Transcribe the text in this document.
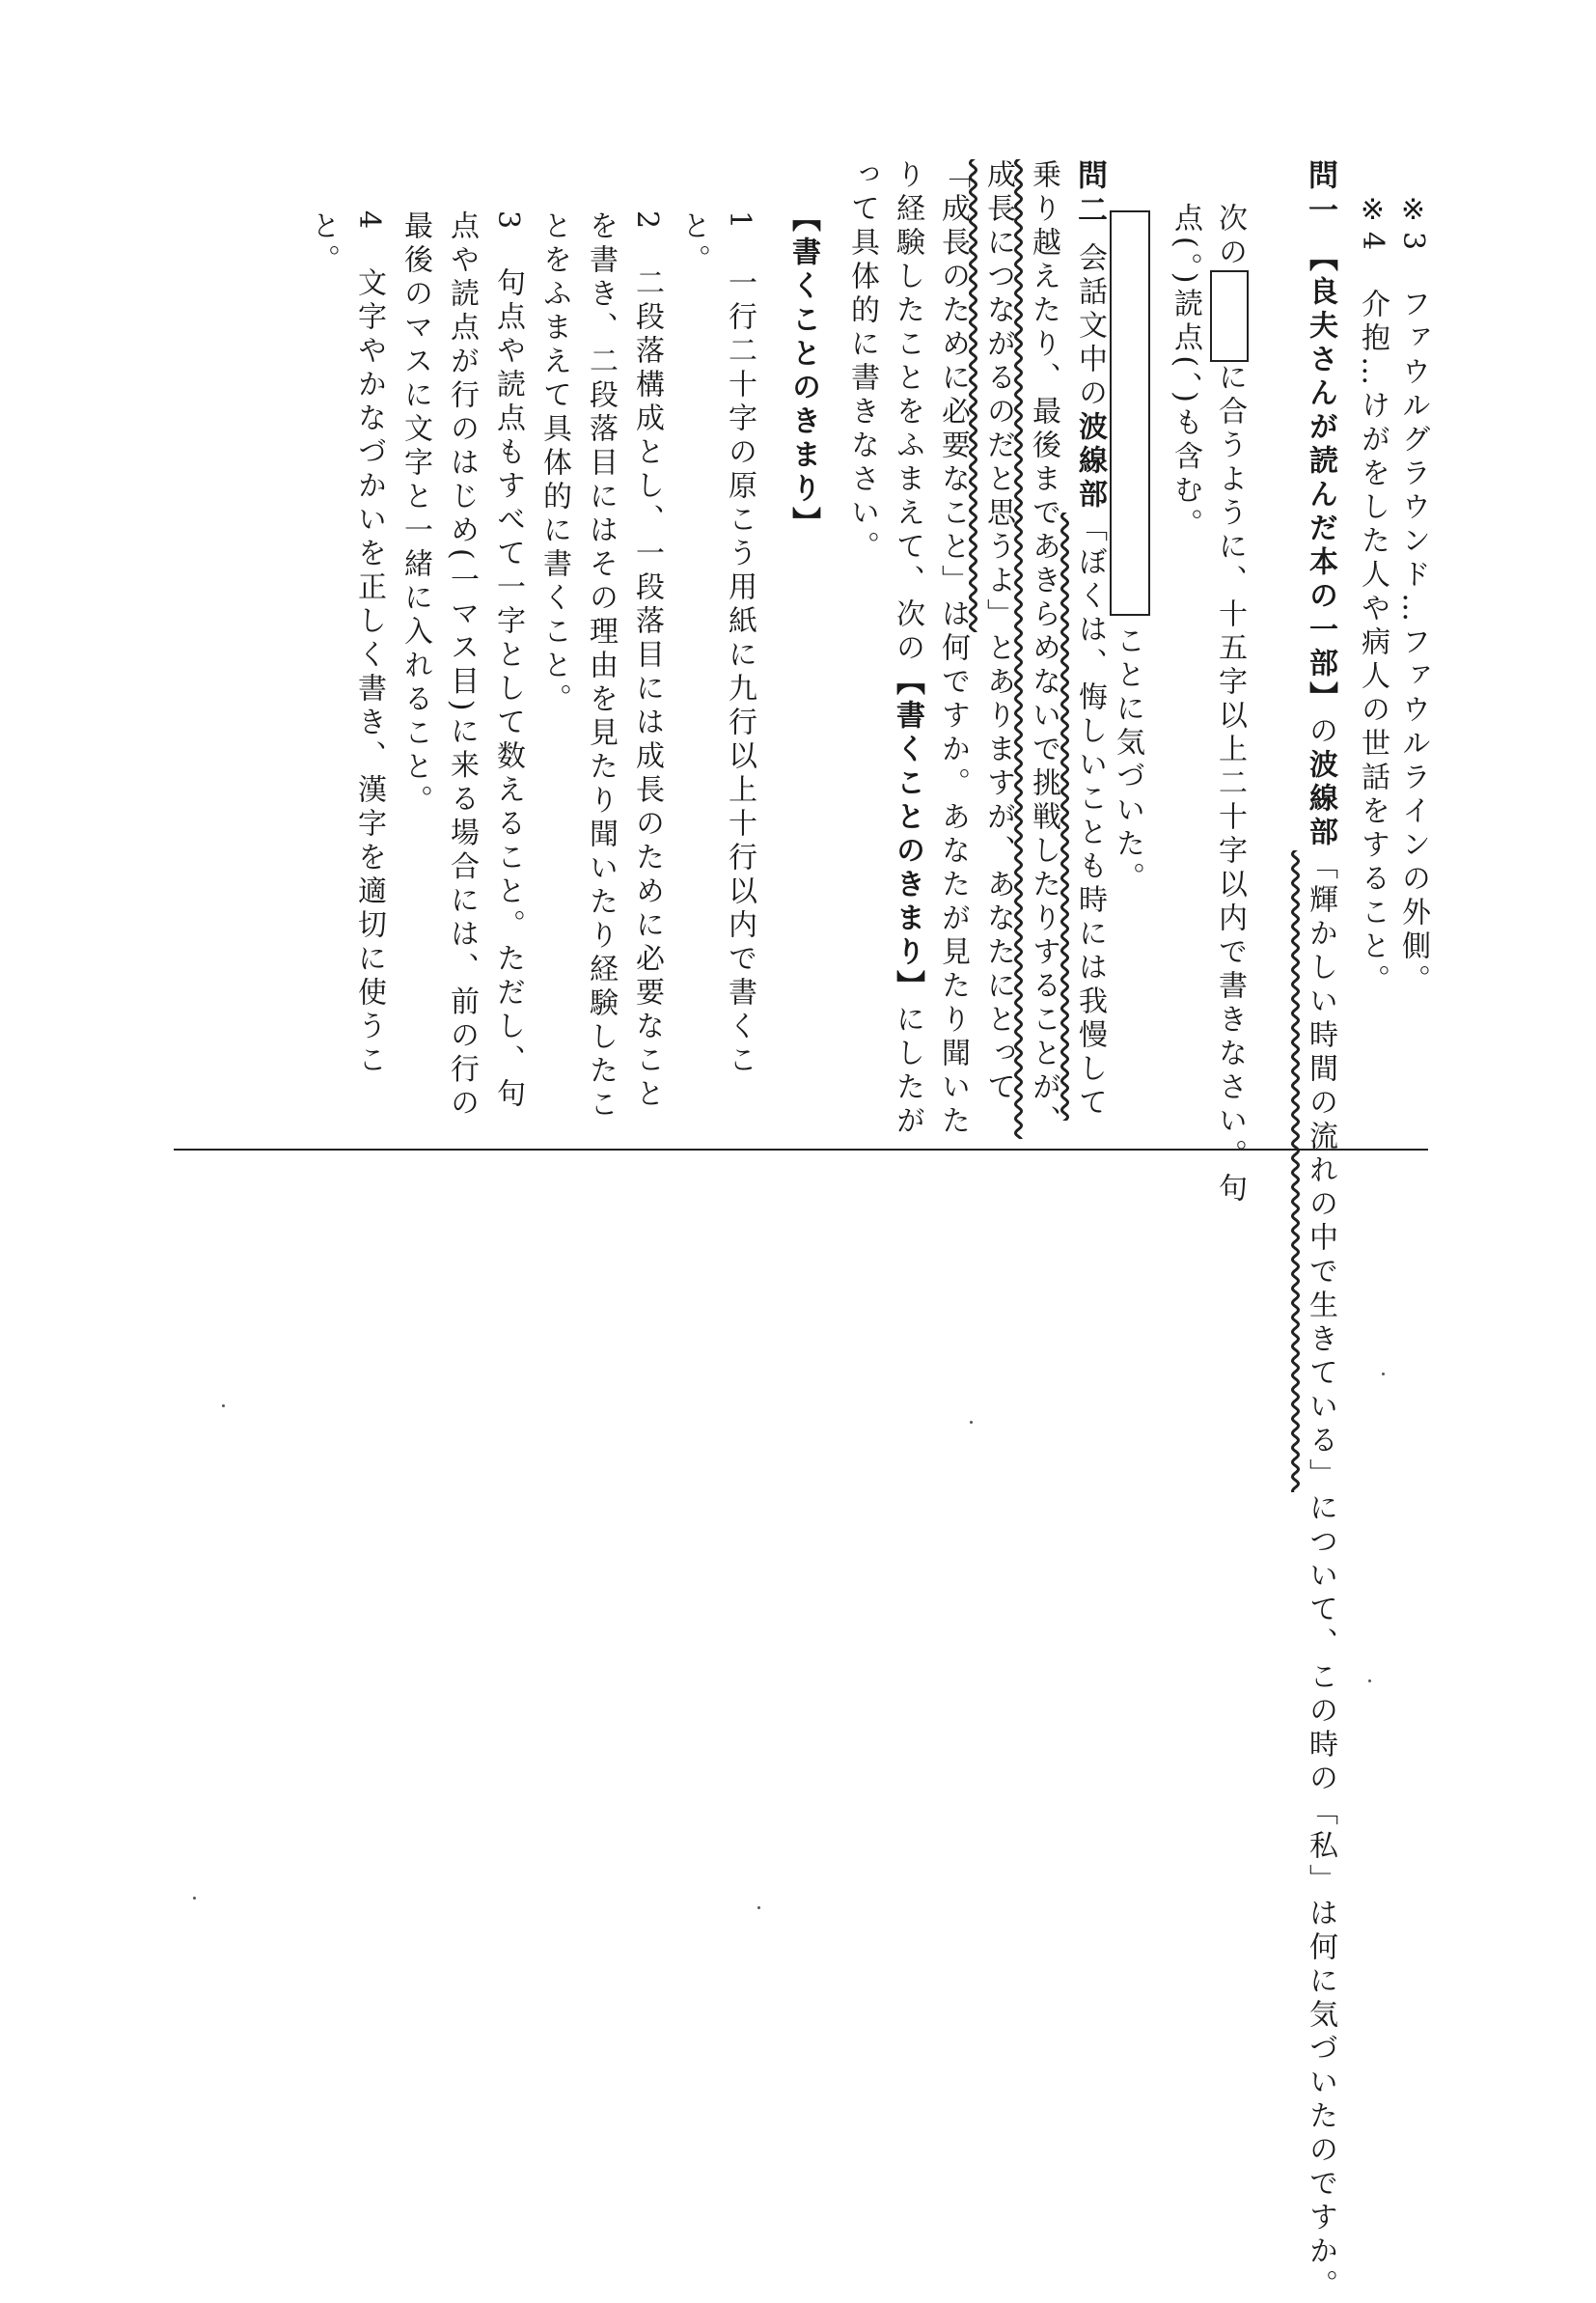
※3　ファウルグラウンド…ファウルラインの外側。
※4　介抱…けがをした人や病人の世話をすること。
問一【良夫さんが読んだ本の一部】の波線部「輝かしい時間の流れの中で生きている」について、この時の「私」は何に気づいたのですか。
次のに合うように、十五字以上二十字以内で書きなさい。句
点(。)読点(、)も含む。
ことに気づいた。
問二会話文中の波線部「ぼくは、悔しいことも時には我慢して乗り越えたり、最後まであきらめないで挑戦したりすることが、成長につながるのだと思うよ」とありますが、あなたにとって「成長のために必要なこと」は何ですか。あなたが見たり聞いたり経験したことをふまえて、次の【書くことのきまり】にしたがって具体的に書きなさい。
【書くことのきまり】
1　一行二十字の原こう用紙に九行以上十行以内で書くこと。
2　二段落構成とし、一段落目には成長のために必要なことを書き、二段落目にはその理由を見たり聞いたり経験したことをふまえて具体的に書くこと。
3　句点や読点もすべて一字として数えること。ただし、句点や読点が行のはじめ(一マス目)に来る場合には、前の行の最後のマスに文字と一緒に入れること。
4　文字やかなづかいを正しく書き、漢字を適切に使うこと。
